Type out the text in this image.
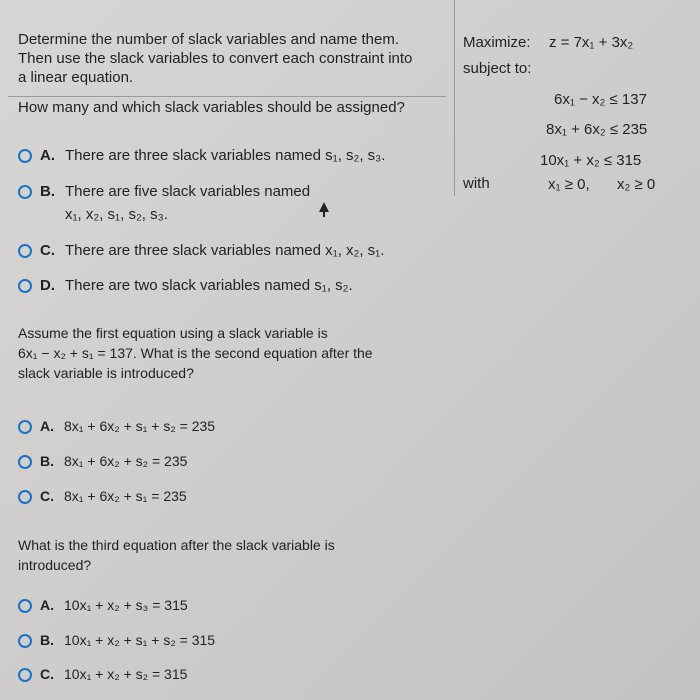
Determine the number of slack variables and name them.
Then use the slack variables to convert each constraint into
a linear equation.
How many and which slack variables should be assigned?
A. There are three slack variables named s₁, s₂, s₃.
B. There are five slack variables named
x₁, x₂, s₁, s₂, s₃.
C. There are three slack variables named x₁, x₂, s₁.
D. There are two slack variables named s₁, s₂.
Assume the first equation using a slack variable is
6x₁ − x₂ + s₁ = 137. What is the second equation after the
slack variable is introduced?
A. 8x₁ + 6x₂ + s₁ + s₂ = 235
B. 8x₁ + 6x₂ + s₂ = 235
C. 8x₁ + 6x₂ + s₁ = 235
What is the third equation after the slack variable is
introduced?
A. 10x₁ + x₂ + s₃ = 315
B. 10x₁ + x₂ + s₁ + s₂ = 315
C. 10x₁ + x₂ + s₂ = 315
Maximize: z = 7x₁ + 3x₂
subject to:
6x₁ − x₂ ≤ 137
8x₁ + 6x₂ ≤ 235
10x₁ + x₂ ≤ 315
with	x₁ ≥ 0, x₂ ≥ 0
